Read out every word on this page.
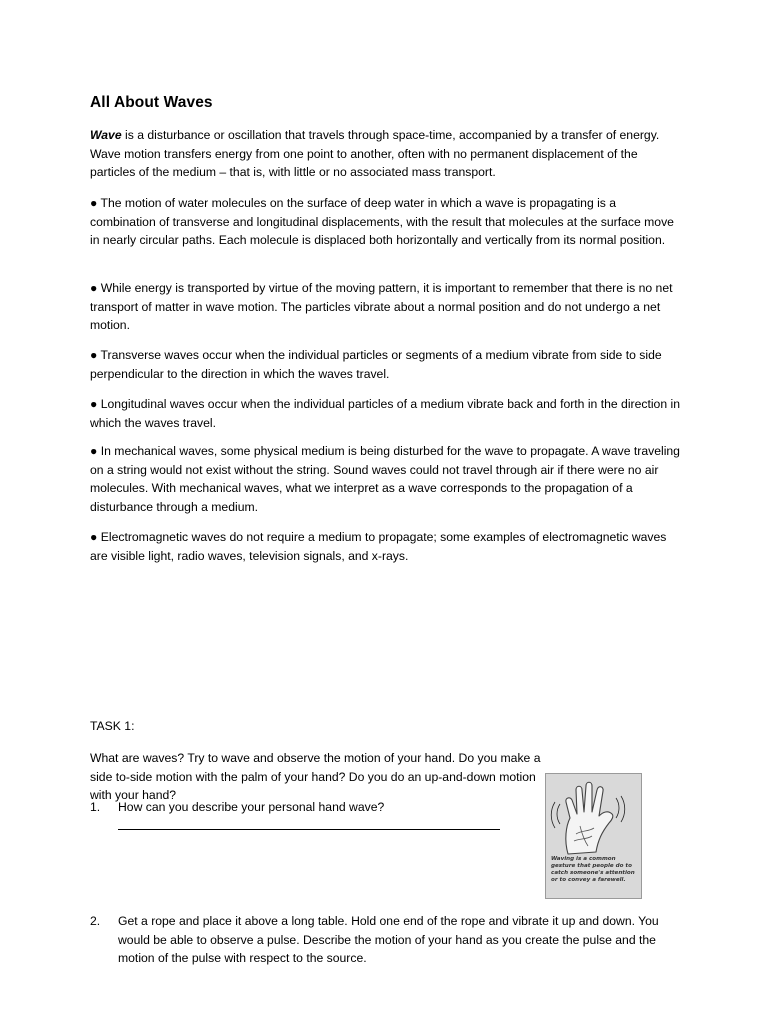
All About Waves

Wave is a disturbance or oscillation that travels through space-time, accompanied by a transfer of energy. Wave motion transfers energy from one point to another, often with no permanent displacement of the particles of the medium – that is, with little or no associated mass transport.

● The motion of water molecules on the surface of deep water in which a wave is propagating is a combination of transverse and longitudinal displacements, with the result that molecules at the surface move in nearly circular paths. Each molecule is displaced both horizontally and vertically from its normal position.

● While energy is transported by virtue of the moving pattern, it is important to remember that there is no net transport of matter in wave motion. The particles vibrate about a normal position and do not undergo a net motion.

● Transverse waves occur when the individual particles or segments of a medium vibrate from side to side perpendicular to the direction in which the waves travel.

● Longitudinal waves occur when the individual particles of a medium vibrate back and forth in the direction in which the waves travel.

● In mechanical waves, some physical medium is being disturbed for the wave to propagate. A wave traveling on a string would not exist without the string. Sound waves could not travel through air if there were no air molecules. With mechanical waves, what we interpret as a wave corresponds to the propagation of a disturbance through a medium.

● Electromagnetic waves do not require a medium to propagate; some examples of electromagnetic waves are visible light, radio waves, television signals, and x-rays.

TASK 1:

What are waves? Try to wave and observe the motion of your hand. Do you make a side to-side motion with the palm of your hand? Do you do an up-and-down motion with your hand?

1. How can you describe your personal hand wave?
Waving is a common gesture that people do to catch someone's attention or to convey a farewell.
2. Get a rope and place it above a long table. Hold one end of the rope and vibrate it up and down. You would be able to observe a pulse. Describe the motion of your hand as you create the pulse and the motion of the pulse with respect to the source.
